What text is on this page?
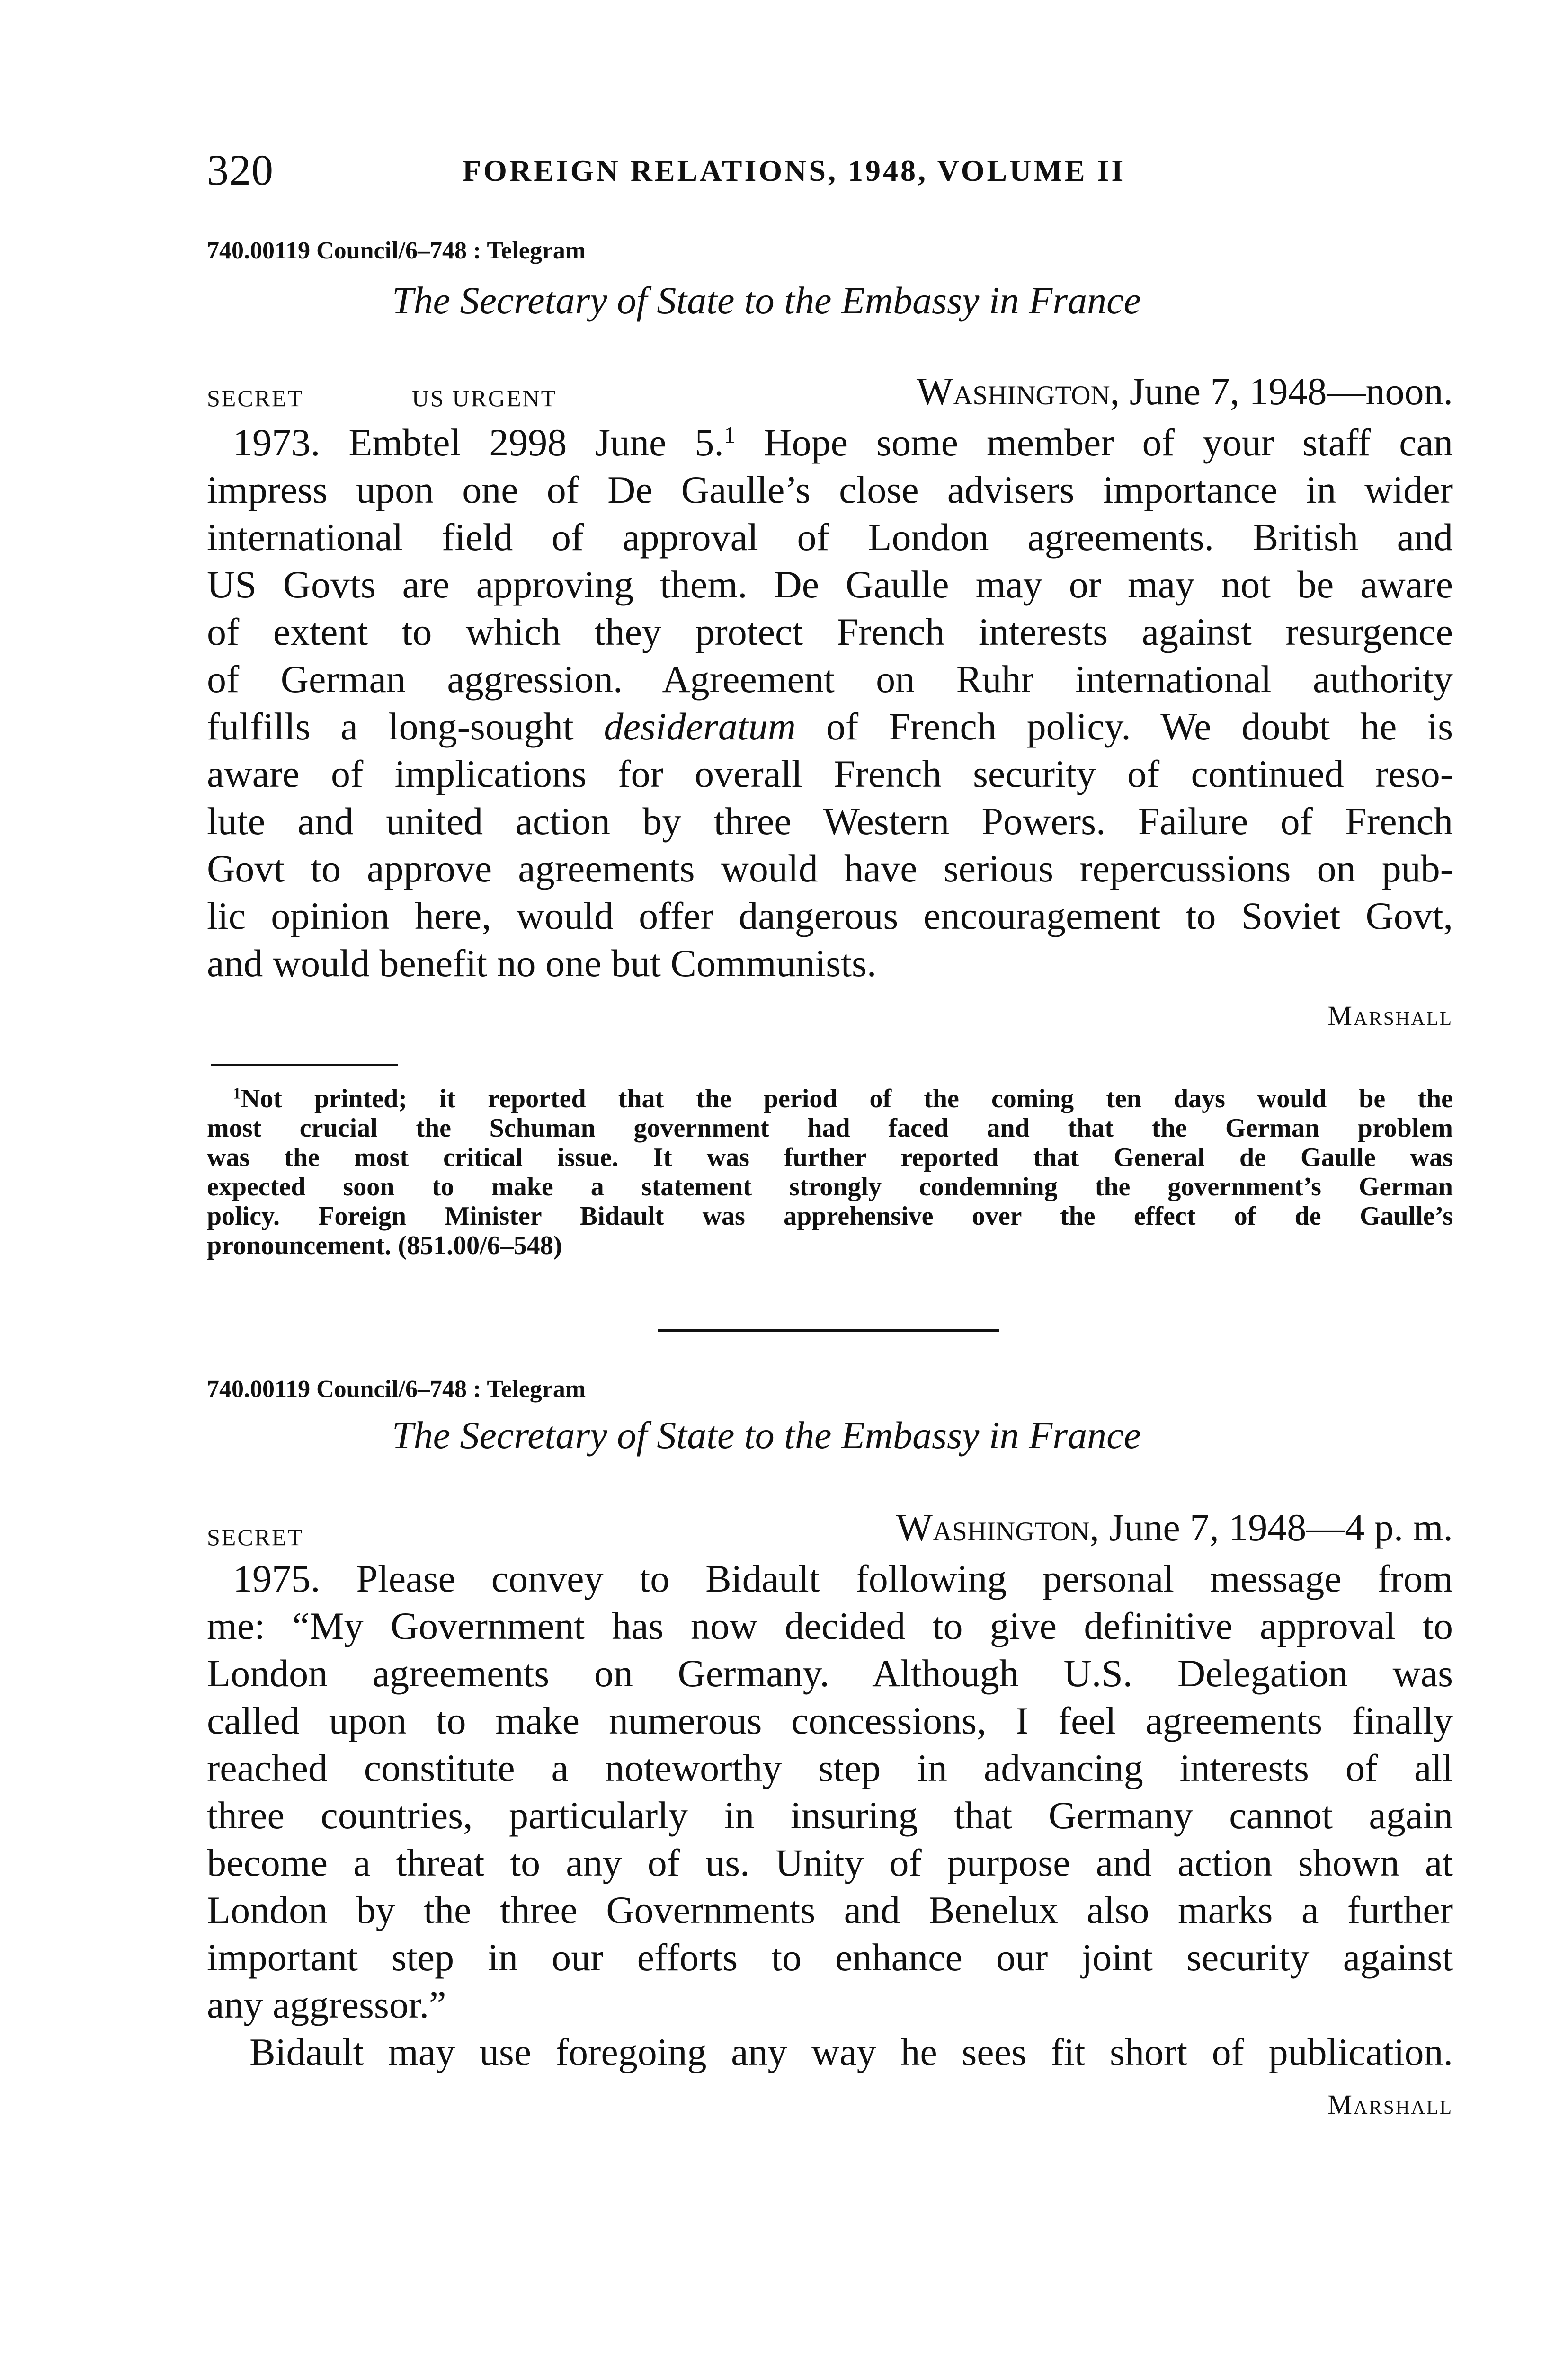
320	FOREIGN RELATIONS, 1948, VOLUME II
740.00119 Council/6–748 : Telegram
The Secretary of State to the Embassy in France
SECRET	US URGENT	Washington, June 7, 1948—noon.
1973. Embtel 2998 June 5.$^1$ Hope some member of your staff can
impress upon one of De Gaulle’s close advisers importance in wider
international field of approval of London agreements. British and
US Govts are approving them. De Gaulle may or may not be aware
of extent to which they protect French interests against resurgence
of German aggression. Agreement on Ruhr international authority
fulfills a long-sought desideratum of French policy. We doubt he is
aware of implications for overall French security of continued reso-
lute and united action by three Western Powers. Failure of French
Govt to approve agreements would have serious repercussions on pub-
lic opinion here, would offer dangerous encouragement to Soviet Govt,
and would benefit no one but Communists.
Marshall
$^1$Not printed; it reported that the period of the coming ten days would be the
most crucial the Schuman government had faced and that the German problem
was the most critical issue. It was further reported that General de Gaulle was
expected soon to make a statement strongly condemning the government’s German
policy. Foreign Minister Bidault was apprehensive over the effect of de Gaulle’s
pronouncement. (851.00/6–548)
740.00119 Council/6–748 : Telegram
The Secretary of State to the Embassy in France
SECRET	Washington, June 7, 1948—4 p. m.
1975. Please convey to Bidault following personal message from
me: “My Government has now decided to give definitive approval to
London agreements on Germany. Although U.S. Delegation was
called upon to make numerous concessions, I feel agreements finally
reached constitute a noteworthy step in advancing interests of all
three countries, particularly in insuring that Germany cannot again
become a threat to any of us. Unity of purpose and action shown at
London by the three Governments and Benelux also marks a further
important step in our efforts to enhance our joint security against
any aggressor.”
Bidault may use foregoing any way he sees fit short of publication.
Marshall
